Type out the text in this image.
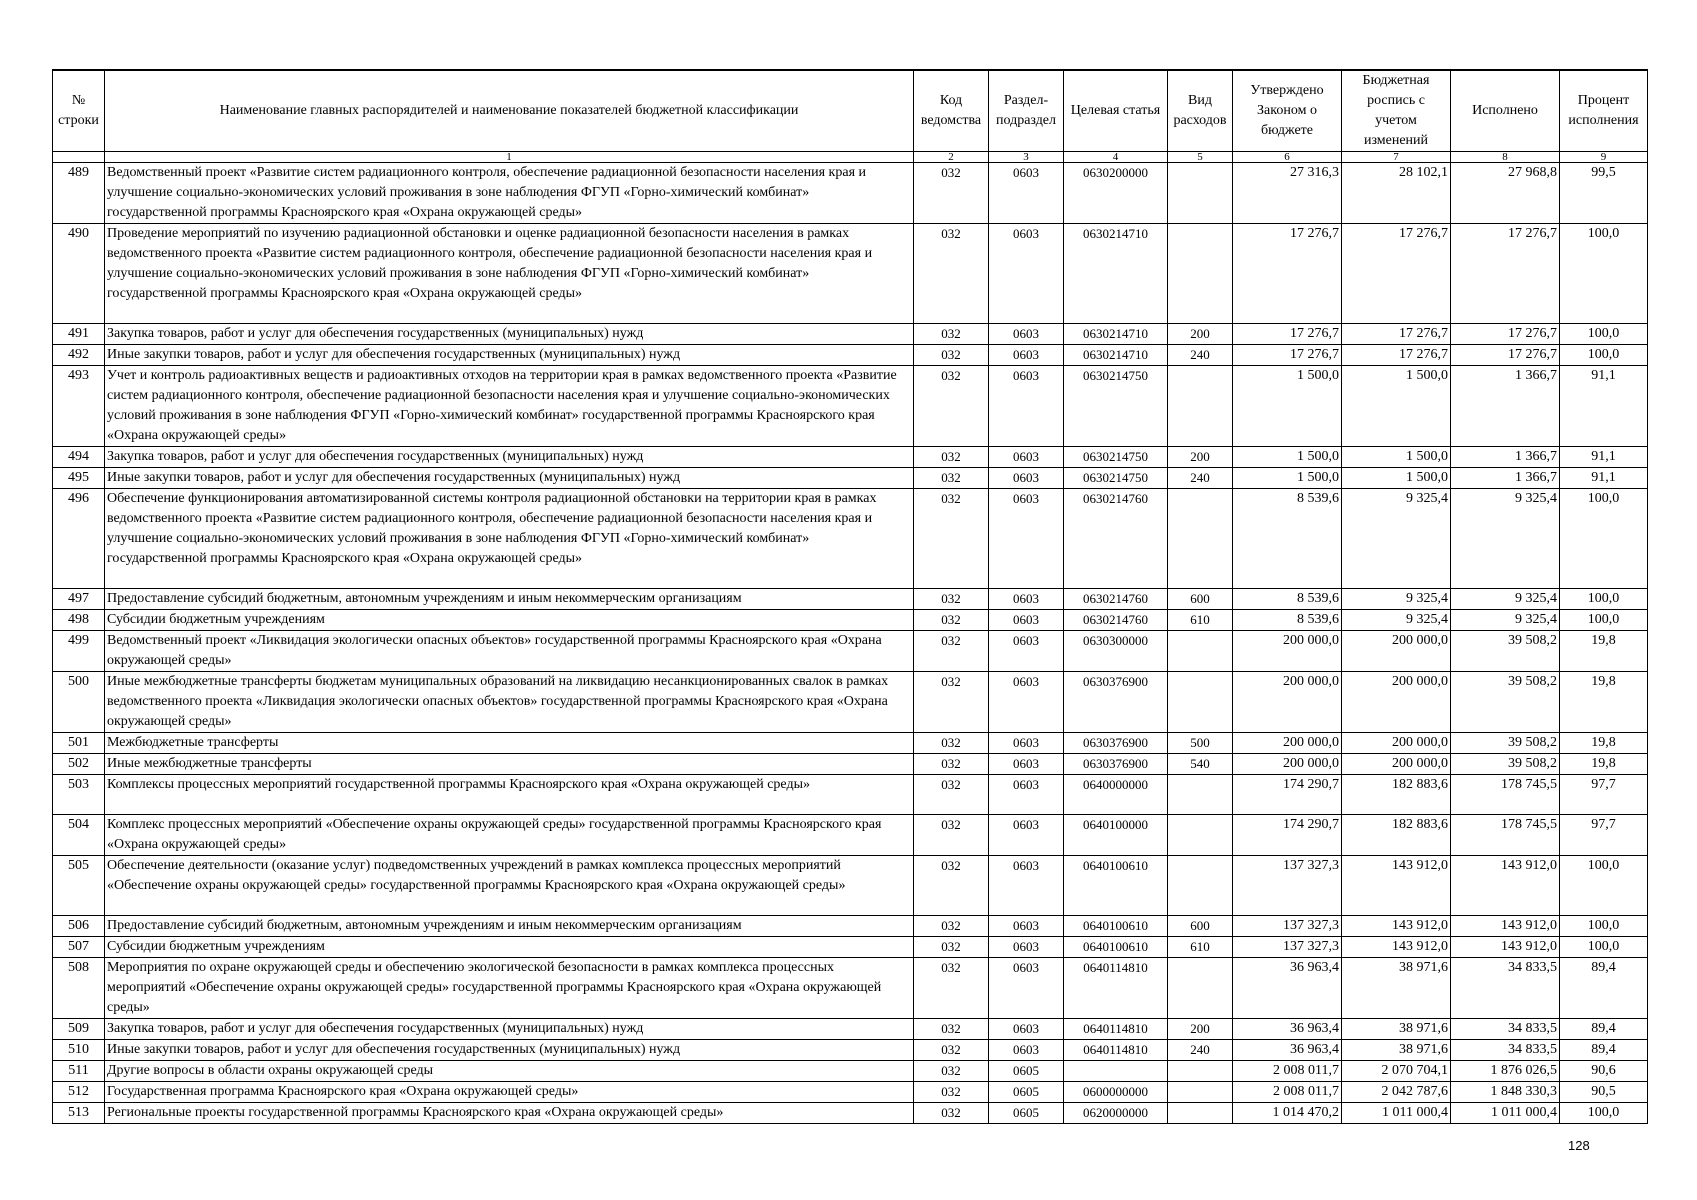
№ строки	Наименование главных распорядителей и наименование показателей бюджетной классификации	Код ведомства	Раздел-подраздел	Целевая статья	Вид расходов	Утверждено Законом о бюджете	Бюджетная роспись с учетом изменений	Исполнено	Процент исполнения
	1	2	3	4	5	6	7	8	9
489	Ведомственный проект «Развитие систем радиационного контроля, обеспечение радиационной безопасности населения края и улучшение социально-экономических условий проживания в зоне наблюдения ФГУП «Горно-химический комбинат» государственной программы Красноярского края «Охрана окружающей среды»	032	0603	0630200000		27 316,3	28 102,1	27 968,8	99,5
490	Проведение мероприятий по изучению радиационной обстановки и оценке радиационной безопасности населения в рамках ведомственного проекта «Развитие систем радиационного контроля, обеспечение радиационной безопасности населения края и улучшение социально-экономических условий проживания в зоне наблюдения ФГУП «Горно-химический комбинат» государственной программы Красноярского края «Охрана окружающей среды»	032	0603	0630214710		17 276,7	17 276,7	17 276,7	100,0
491	Закупка товаров, работ и услуг для обеспечения государственных (муниципальных) нужд	032	0603	0630214710	200	17 276,7	17 276,7	17 276,7	100,0
492	Иные закупки товаров, работ и услуг для обеспечения государственных (муниципальных) нужд	032	0603	0630214710	240	17 276,7	17 276,7	17 276,7	100,0
493	Учет и контроль радиоактивных веществ и радиоактивных отходов на территории края в рамках ведомственного проекта «Развитие систем радиационного контроля, обеспечение радиационной безопасности населения края и улучшение социально-экономических условий проживания в зоне наблюдения ФГУП «Горно-химический комбинат» государственной программы Красноярского края «Охрана окружающей среды»	032	0603	0630214750		1 500,0	1 500,0	1 366,7	91,1
494	Закупка товаров, работ и услуг для обеспечения государственных (муниципальных) нужд	032	0603	0630214750	200	1 500,0	1 500,0	1 366,7	91,1
495	Иные закупки товаров, работ и услуг для обеспечения государственных (муниципальных) нужд	032	0603	0630214750	240	1 500,0	1 500,0	1 366,7	91,1
496	Обеспечение функционирования автоматизированной системы контроля радиационной обстановки на территории края в рамках ведомственного проекта «Развитие систем радиационного контроля, обеспечение радиационной безопасности населения края и улучшение социально-экономических условий проживания в зоне наблюдения ФГУП «Горно-химический комбинат» государственной программы Красноярского края «Охрана окружающей среды»	032	0603	0630214760		8 539,6	9 325,4	9 325,4	100,0
497	Предоставление субсидий бюджетным, автономным учреждениям и иным некоммерческим организациям	032	0603	0630214760	600	8 539,6	9 325,4	9 325,4	100,0
498	Субсидии бюджетным учреждениям	032	0603	0630214760	610	8 539,6	9 325,4	9 325,4	100,0
499	Ведомственный проект «Ликвидация экологически опасных объектов» государственной программы Красноярского края «Охрана окружающей среды»	032	0603	0630300000		200 000,0	200 000,0	39 508,2	19,8
500	Иные межбюджетные трансферты бюджетам муниципальных образований на ликвидацию несанкционированных свалок в рамках ведомственного проекта «Ликвидация экологически опасных объектов» государственной программы Красноярского края «Охрана окружающей среды»	032	0603	0630376900		200 000,0	200 000,0	39 508,2	19,8
501	Межбюджетные трансферты	032	0603	0630376900	500	200 000,0	200 000,0	39 508,2	19,8
502	Иные межбюджетные трансферты	032	0603	0630376900	540	200 000,0	200 000,0	39 508,2	19,8
503	Комплексы процессных мероприятий государственной программы Красноярского края «Охрана окружающей среды»	032	0603	0640000000		174 290,7	182 883,6	178 745,5	97,7
504	Комплекс процессных мероприятий «Обеспечение охраны окружающей среды» государственной программы Красноярского края «Охрана окружающей среды»	032	0603	0640100000		174 290,7	182 883,6	178 745,5	97,7
505	Обеспечение деятельности (оказание услуг) подведомственных учреждений в рамках комплекса процессных мероприятий «Обеспечение охраны окружающей среды» государственной программы Красноярского края «Охрана окружающей среды»	032	0603	0640100610		137 327,3	143 912,0	143 912,0	100,0
506	Предоставление субсидий бюджетным, автономным учреждениям и иным некоммерческим организациям	032	0603	0640100610	600	137 327,3	143 912,0	143 912,0	100,0
507	Субсидии бюджетным учреждениям	032	0603	0640100610	610	137 327,3	143 912,0	143 912,0	100,0
508	Мероприятия по охране окружающей среды и обеспечению экологической безопасности в рамках комплекса процессных мероприятий «Обеспечение охраны окружающей среды» государственной программы Красноярского края «Охрана окружающей среды»	032	0603	0640114810		36 963,4	38 971,6	34 833,5	89,4
509	Закупка товаров, работ и услуг для обеспечения государственных (муниципальных) нужд	032	0603	0640114810	200	36 963,4	38 971,6	34 833,5	89,4
510	Иные закупки товаров, работ и услуг для обеспечения государственных (муниципальных) нужд	032	0603	0640114810	240	36 963,4	38 971,6	34 833,5	89,4
511	Другие вопросы в области охраны окружающей среды	032	0605			2 008 011,7	2 070 704,1	1 876 026,5	90,6
512	Государственная программа Красноярского края «Охрана окружающей среды»	032	0605	0600000000		2 008 011,7	2 042 787,6	1 848 330,3	90,5
513	Региональные проекты государственной программы Красноярского края «Охрана окружающей среды»	032	0605	0620000000		1 014 470,2	1 011 000,4	1 011 000,4	100,0
128
